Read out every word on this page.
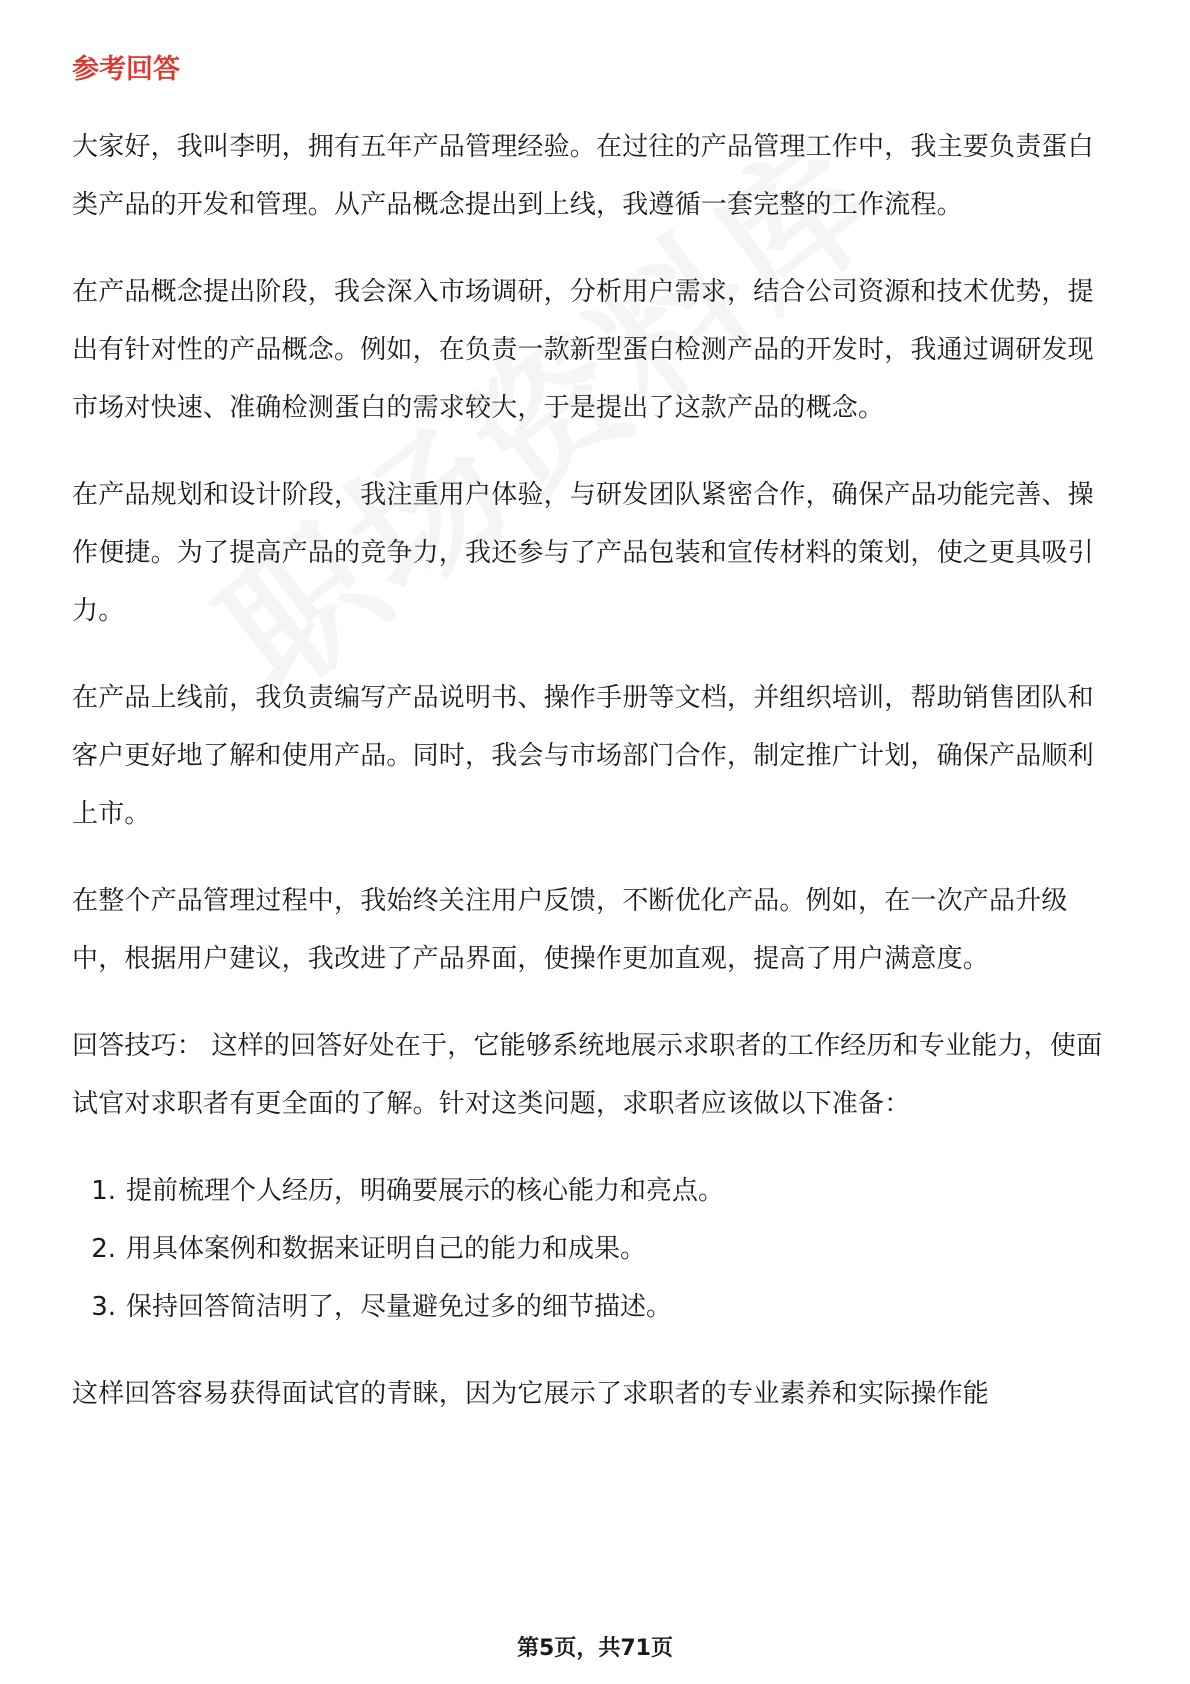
参考回答

大家好，我叫李明，拥有五年产品管理经验。在过往的产品管理工作中，我主要负责蛋白类产品的开发和管理。从产品概念提出到上线，我遵循一套完整的工作流程。

在产品概念提出阶段，我会深入市场调研，分析用户需求，结合公司资源和技术优势，提出有针对性的产品概念。例如，在负责一款新型蛋白检测产品的开发时，我通过调研发现市场对快速、准确检测蛋白的需求较大，于是提出了这款产品的概念。

在产品规划和设计阶段，我注重用户体验，与研发团队紧密合作，确保产品功能完善、操作便捷。为了提高产品的竞争力，我还参与了产品包装和宣传材料的策划，使之更具吸引力。

在产品上线前，我负责编写产品说明书、操作手册等文档，并组织培训，帮助销售团队和客户更好地了解和使用产品。同时，我会与市场部门合作，制定推广计划，确保产品顺利上市。

在整个产品管理过程中，我始终关注用户反馈，不断优化产品。例如，在一次产品升级中，根据用户建议，我改进了产品界面，使操作更加直观，提高了用户满意度。

回答技巧： 这样的回答好处在于，它能够系统地展示求职者的工作经历和专业能力，使面试官对求职者有更全面的了解。针对这类问题，求职者应该做以下准备：

1. 提前梳理个人经历，明确要展示的核心能力和亮点。
2. 用具体案例和数据来证明自己的能力和成果。
3. 保持回答简洁明了，尽量避免过多的细节描述。

这样回答容易获得面试官的青睐，因为它展示了求职者的专业素养和实际操作能

第5页，共71页
